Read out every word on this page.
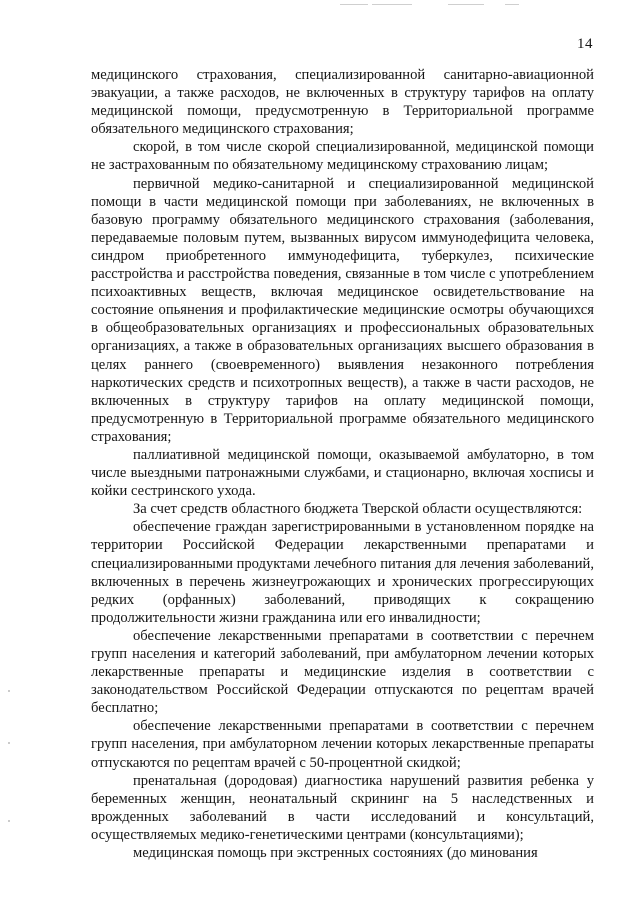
14

медицинского страхования, специализированной санитарно-авиационной эвакуации, а также расходов, не включенных в структуру тарифов на оплату медицинской помощи, предусмотренную в Территориальной программе обязательного медицинского страхования;

скорой, в том числе скорой специализированной, медицинской помощи не застрахованным по обязательному медицинскому страхованию лицам;

первичной медико-санитарной и специализированной медицинской помощи в части медицинской помощи при заболеваниях, не включенных в базовую программу обязательного медицинского страхования (заболевания, передаваемые половым путем, вызванных вирусом иммунодефицита человека, синдром приобретенного иммунодефицита, туберкулез, психические расстройства и расстройства поведения, связанные в том числе с употреблением психоактивных веществ, включая медицинское освидетельствование на состояние опьянения и профилактические медицинские осмотры обучающихся в общеобразовательных организациях и профессиональных образовательных организациях, а также в образовательных организациях высшего образования в целях раннего (своевременного) выявления незаконного потребления наркотических средств и психотропных веществ), а также в части расходов, не включенных в структуру тарифов на оплату медицинской помощи, предусмотренную в Территориальной программе обязательного медицинского страхования;

паллиативной медицинской помощи, оказываемой амбулаторно, в том числе выездными патронажными службами, и стационарно, включая хосписы и койки сестринского ухода.

За счет средств областного бюджета Тверской области осуществляются:

обеспечение граждан зарегистрированными в установленном порядке на территории Российской Федерации лекарственными препаратами и специализированными продуктами лечебного питания для лечения заболеваний, включенных в перечень жизнеугрожающих и хронических прогрессирующих редких (орфанных) заболеваний, приводящих к сокращению продолжительности жизни гражданина или его инвалидности;

обеспечение лекарственными препаратами в соответствии с перечнем групп населения и категорий заболеваний, при амбулаторном лечении которых лекарственные препараты и медицинские изделия в соответствии с законодательством Российской Федерации отпускаются по рецептам врачей бесплатно;

обеспечение лекарственными препаратами в соответствии с перечнем групп населения, при амбулаторном лечении которых лекарственные препараты отпускаются по рецептам врачей с 50-процентной скидкой;

пренатальная (дородовая) диагностика нарушений развития ребенка у беременных женщин, неонатальный скрининг на 5 наследственных и врожденных заболеваний в части исследований и консультаций, осуществляемых медико-генетическими центрами (консультациями);

медицинская помощь при экстренных состояниях (до минования
